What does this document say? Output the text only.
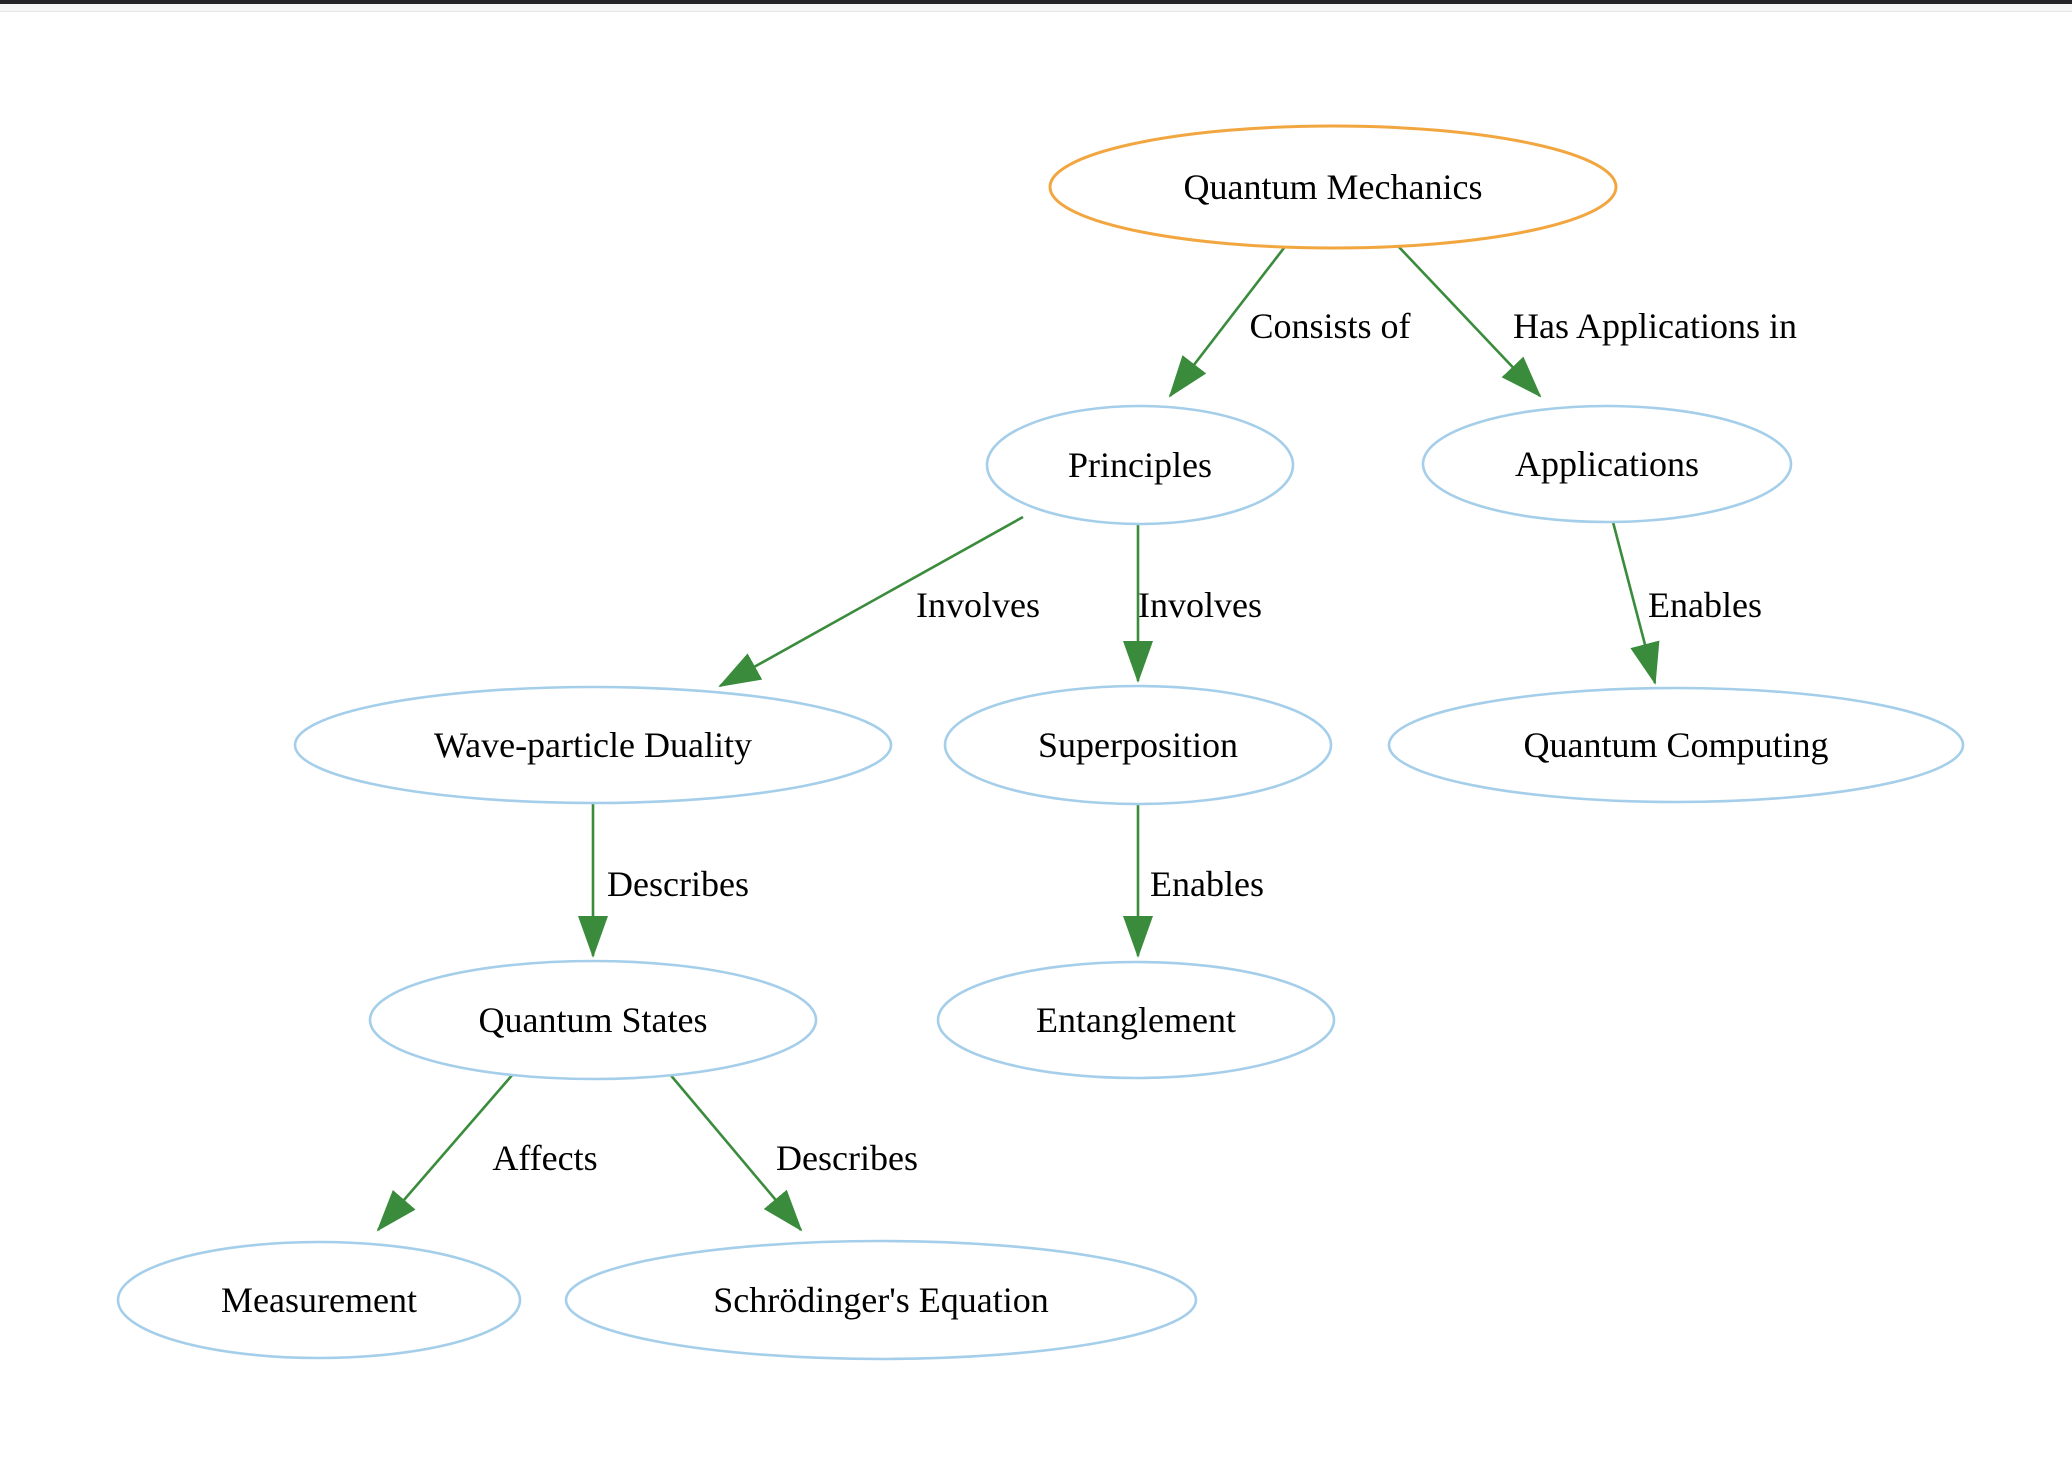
Consists of	Has Applications in
Involves	Involves	Enables
Describes	Enables
Affects	Describes
Quantum Mechanics
Principles	Applications
Wave-particle Duality	Superposition	Quantum Computing
Quantum States	Entanglement
Measurement	Schrödinger's Equation
